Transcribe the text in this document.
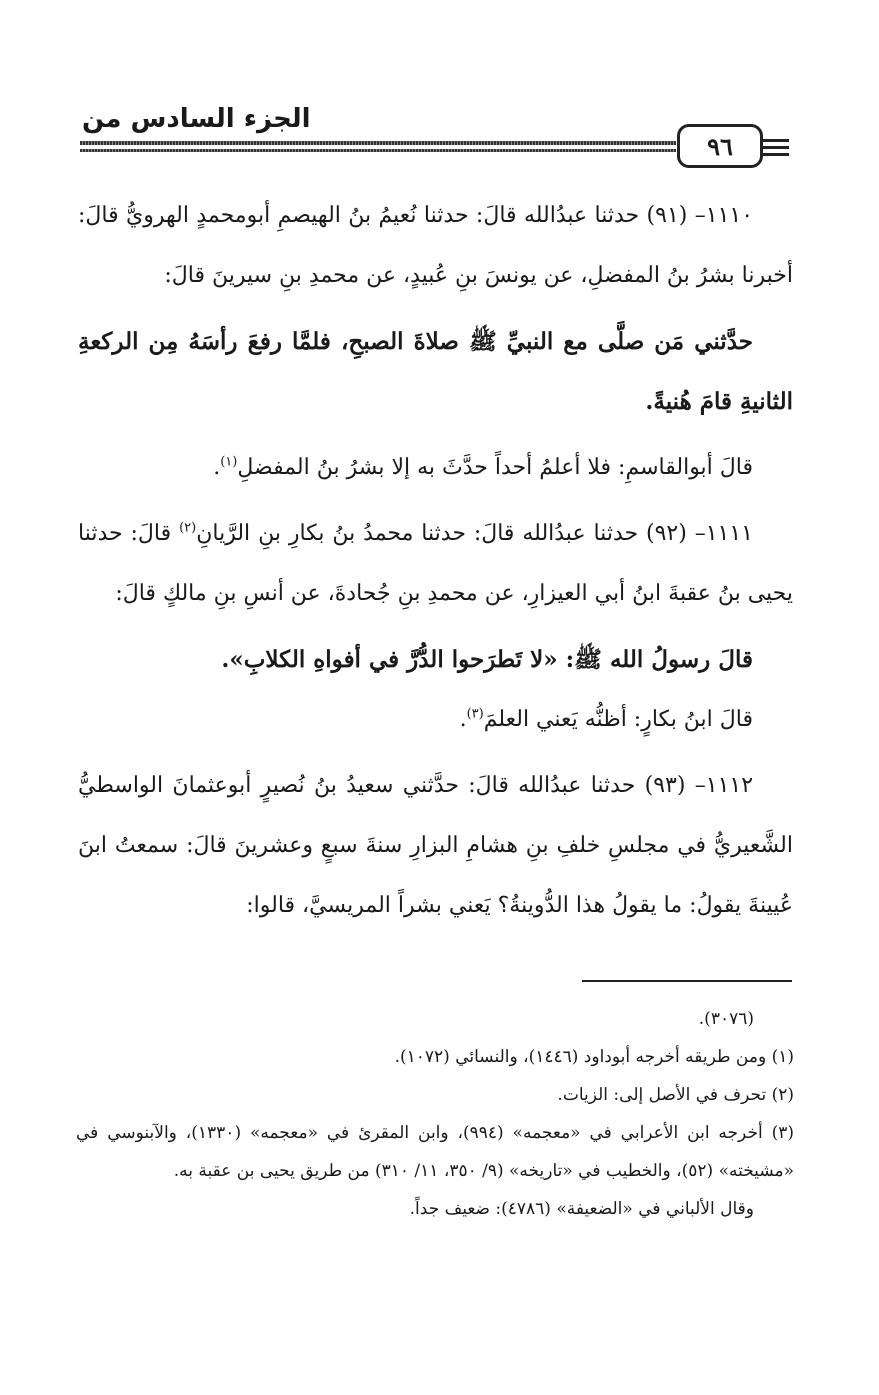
الجزء السادس من
٩٦

١١١٠– (٩١) حدثنا عبدُالله قالَ: حدثنا نُعيمُ بنُ الهيصمِ أبومحمدٍ الهرويُّ قالَ: أخبرنا بشرُ بنُ المفضلِ، عن يونسَ بنِ عُبيدٍ، عن محمدِ بنِ سيرينَ قالَ:

حدَّثني مَن صلَّى مع النبيِّ ﷺ صلاةَ الصبحِ، فلمَّا رفعَ رأسَهُ مِن الركعةِ الثانيةِ قامَ هُنيةً.

قالَ أبوالقاسمِ: فلا أعلمُ أحداً حدَّثَ به إلا بشرُ بنُ المفضلِ$^{(١)}$.

١١١١– (٩٢) حدثنا عبدُالله قالَ: حدثنا محمدُ بنُ بكارِ بنِ الرَّيانِ$^{(٢)}$ قالَ: حدثنا يحيى بنُ عقبةَ ابنُ أبي العيزارِ، عن محمدِ بنِ جُحادةَ، عن أنسِ بنِ مالكٍ قالَ:

قالَ رسولُ الله ﷺ: «لا تَطرَحوا الدُّرَّ في أفواهِ الكلابِ».

قالَ ابنُ بكارٍ: أظنُّه يَعني العلمَ$^{(٣)}$.

١١١٢– (٩٣) حدثنا عبدُالله قالَ: حدَّثني سعيدُ بنُ نُصيرٍ أبوعثمانَ الواسطيُّ الشَّعيريُّ في مجلسِ خلفِ بنِ هشامِ البزارِ سنةَ سبعٍ وعشرينَ قالَ: سمعتُ ابنَ عُيينةَ يقولُ: ما يقولُ هذا الدُّوينةُ؟ يَعني بشراً المريسيَّ، قالوا:

(٣٠٧٦).

(١) ومن طريقه أخرجه أبوداود (١٤٤٦)، والنسائي (١٠٧٢).

(٢) تحرف في الأصل إلى: الزيات.

(٣) أخرجه ابن الأعرابي في «معجمه» (٩٩٤)، وابن المقرئ في «معجمه» (١٣٣٠)، والآبنوسي في «مشيخته» (٥٢)، والخطيب في «تاريخه» (٩/ ٣٥٠، ١١/ ٣١٠) من طريق يحيى بن عقبة به.

وقال الألباني في «الضعيفة» (٤٧٨٦): ضعيف جداً.
